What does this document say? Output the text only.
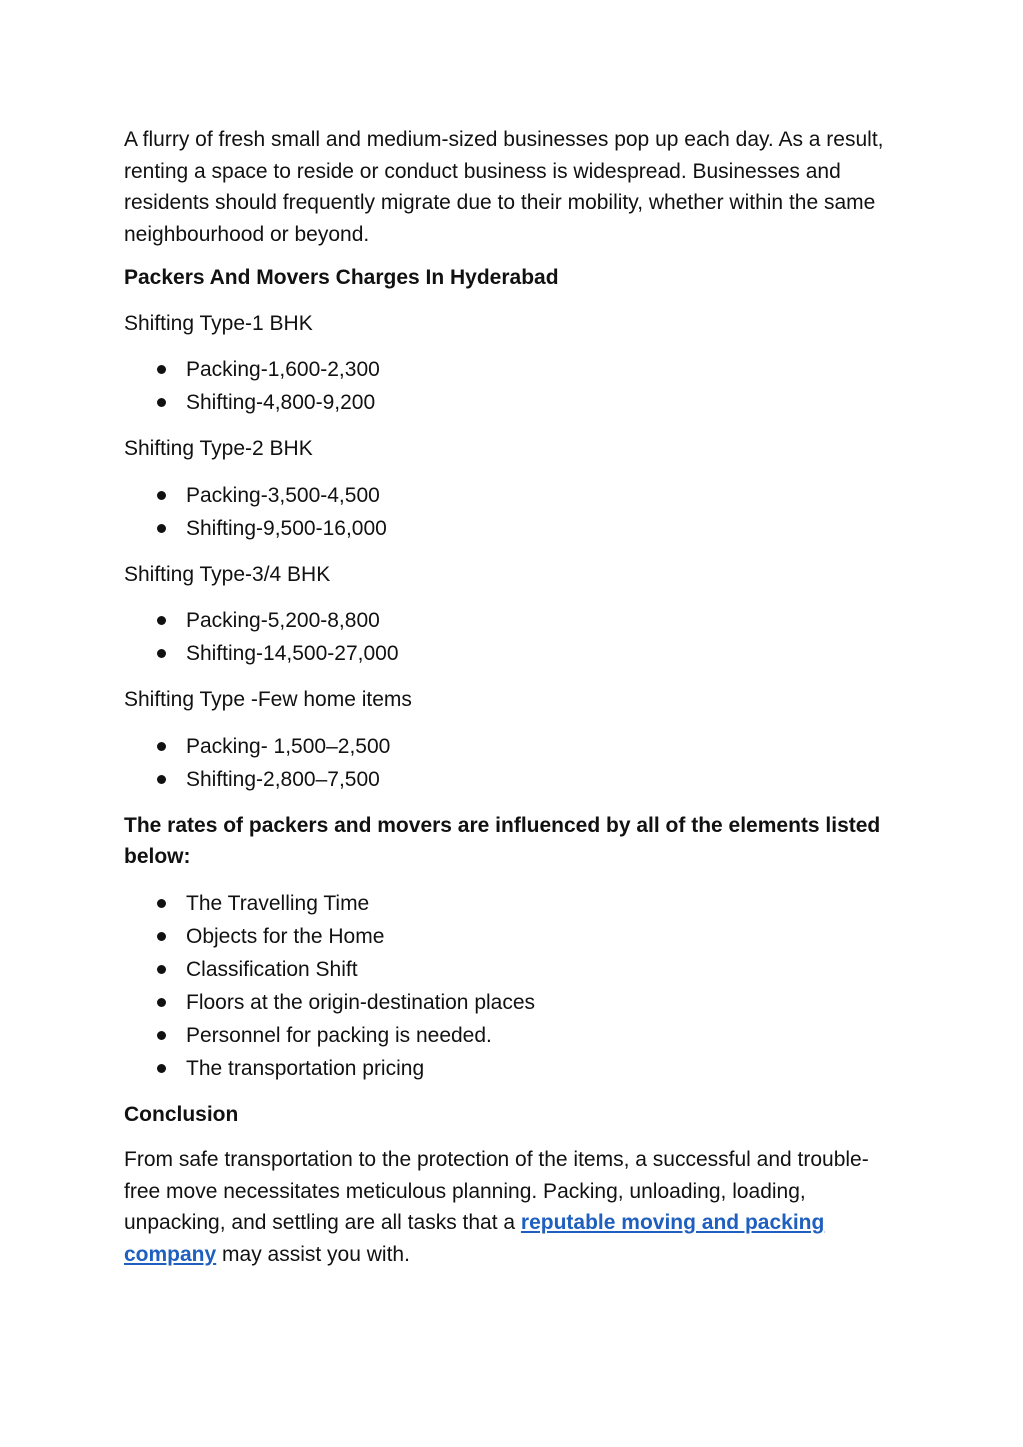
A flurry of fresh small and medium-sized businesses pop up each day. As a result, renting a space to reside or conduct business is widespread. Businesses and residents should frequently migrate due to their mobility, whether within the same neighbourhood or beyond.

Packers And Movers Charges In Hyderabad

Shifting Type-1 BHK

Packing-1,600-2,300
Shifting-4,800-9,200

Shifting Type-2 BHK

Packing-3,500-4,500
Shifting-9,500-16,000

Shifting Type-3/4 BHK

Packing-5,200-8,800
Shifting-14,500-27,000

Shifting Type -Few home items

Packing- 1,500–2,500
Shifting-2,800–7,500

The rates of packers and movers are influenced by all of the elements listed below:

The Travelling Time
Objects for the Home
Classification Shift
Floors at the origin-destination places
Personnel for packing is needed.
The transportation pricing

Conclusion

From safe transportation to the protection of the items, a successful and trouble-free move necessitates meticulous planning. Packing, unloading, loading, unpacking, and settling are all tasks that a reputable moving and packing company may assist you with.
